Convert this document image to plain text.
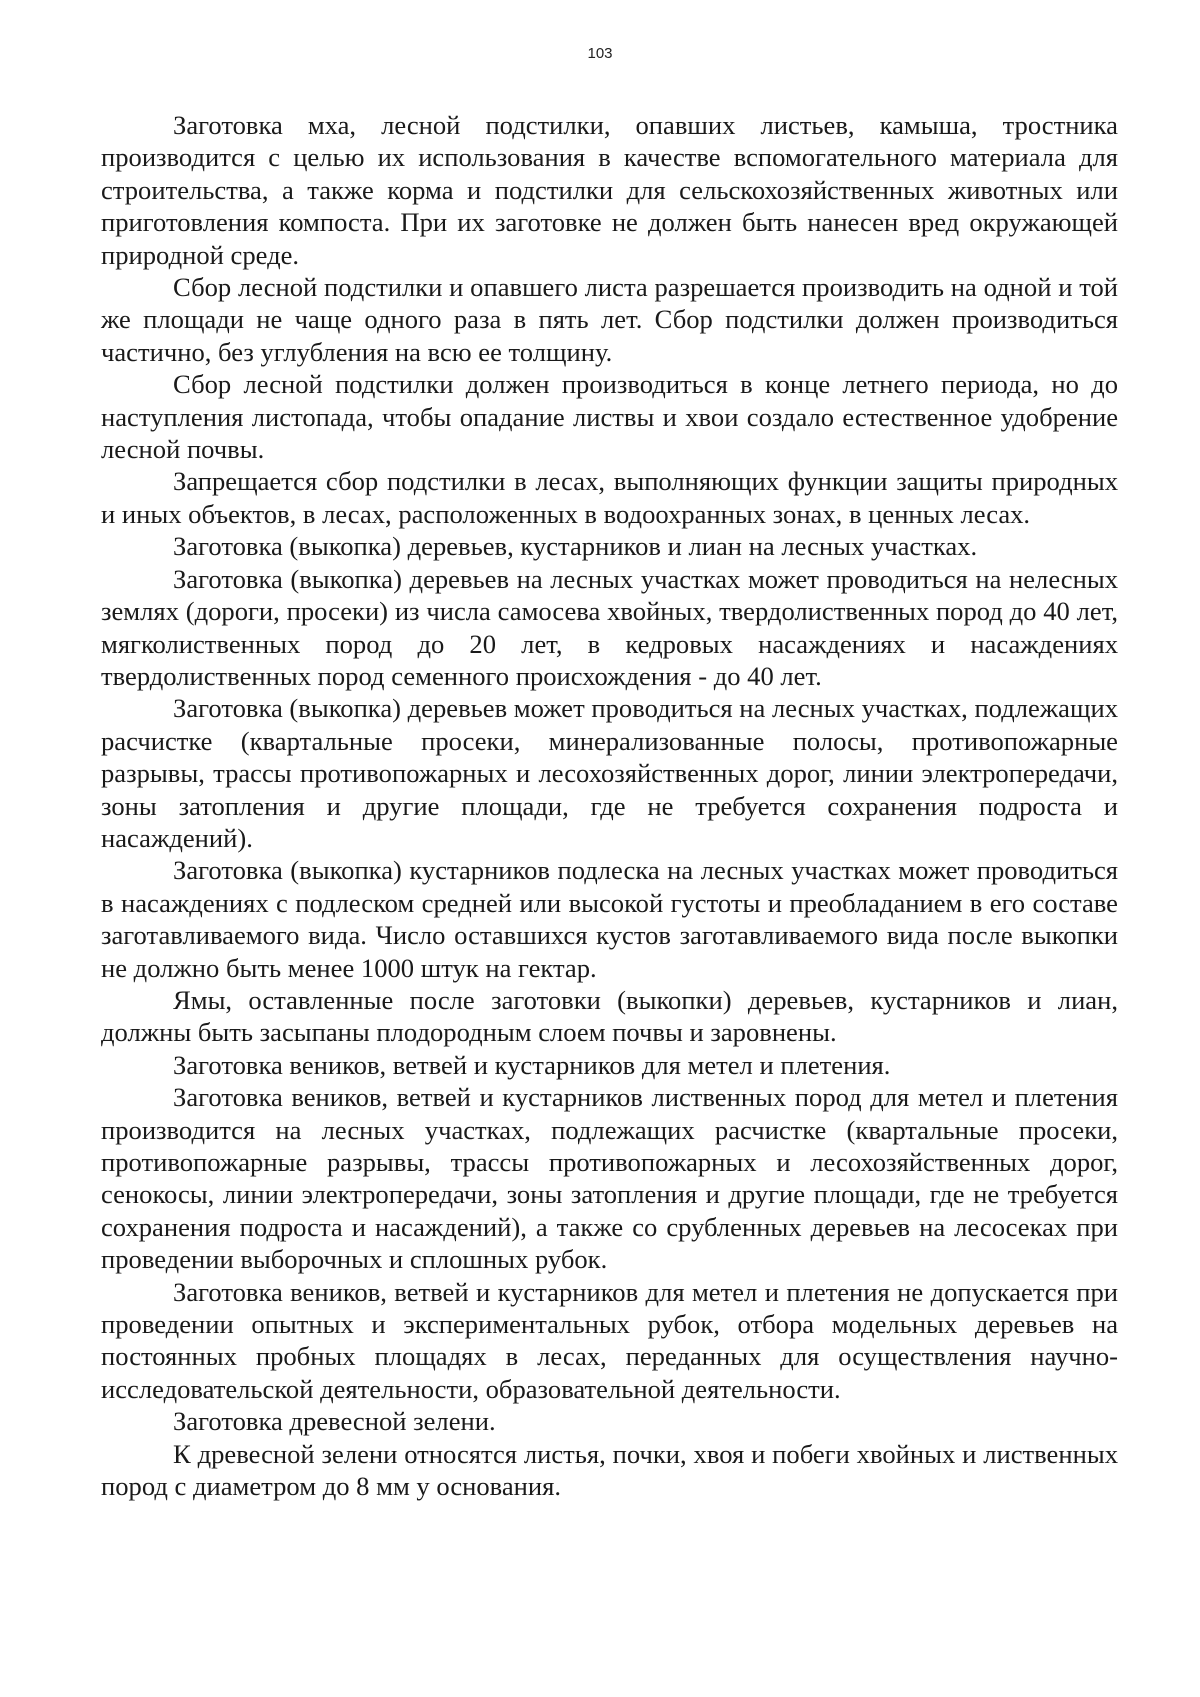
103

Заготовка мха, лесной подстилки, опавших листьев, камыша, тростника производится с целью их использования в качестве вспомогательного материала для строительства, а также корма и подстилки для сельскохозяйственных животных или приготовления компоста. При их заготовке не должен быть нанесен вред окружающей природной среде.

Сбор лесной подстилки и опавшего листа разрешается производить на одной и той же площади не чаще одного раза в пять лет. Сбор подстилки должен производиться частично, без углубления на всю ее толщину.

Сбор лесной подстилки должен производиться в конце летнего периода, но до наступления листопада, чтобы опадание листвы и хвои создало естественное удобрение лесной почвы.

Запрещается сбор подстилки в лесах, выполняющих функции защиты природных и иных объектов, в лесах, расположенных в водоохранных зонах, в ценных лесах.

Заготовка (выкопка) деревьев, кустарников и лиан на лесных участках.

Заготовка (выкопка) деревьев на лесных участках может проводиться на нелесных землях (дороги, просеки) из числа самосева хвойных, твердолиственных пород до 40 лет, мягколиственных пород до 20 лет, в кедровых насаждениях и насаждениях твердолиственных пород семенного происхождения - до 40 лет.

Заготовка (выкопка) деревьев может проводиться на лесных участках, подлежащих расчистке (квартальные просеки, минерализованные полосы, противопожарные разрывы, трассы противопожарных и лесохозяйственных дорог, линии электропередачи, зоны затопления и другие площади, где не требуется сохранения подроста и насаждений).

Заготовка (выкопка) кустарников подлеска на лесных участках может проводиться в насаждениях с подлеском средней или высокой густоты и преобладанием в его составе заготавливаемого вида. Число оставшихся кустов заготавливаемого вида после выкопки не должно быть менее 1000 штук на гектар.

Ямы, оставленные после заготовки (выкопки) деревьев, кустарников и лиан, должны быть засыпаны плодородным слоем почвы и заровнены.

Заготовка веников, ветвей и кустарников для метел и плетения.

Заготовка веников, ветвей и кустарников лиственных пород для метел и плетения производится на лесных участках, подлежащих расчистке (квартальные просеки, противопожарные разрывы, трассы противопожарных и лесохозяйственных дорог, сенокосы, линии электропередачи, зоны затопления и другие площади, где не требуется сохранения подроста и насаждений), а также со срубленных деревьев на лесосеках при проведении выборочных и сплошных рубок.

Заготовка веников, ветвей и кустарников для метел и плетения не допускается при проведении опытных и экспериментальных рубок, отбора модельных деревьев на постоянных пробных площадях в лесах, переданных для осуществления научно-исследовательской деятельности, образовательной деятельности.

Заготовка древесной зелени.

К древесной зелени относятся листья, почки, хвоя и побеги хвойных и лиственных пород с диаметром до 8 мм у основания.
